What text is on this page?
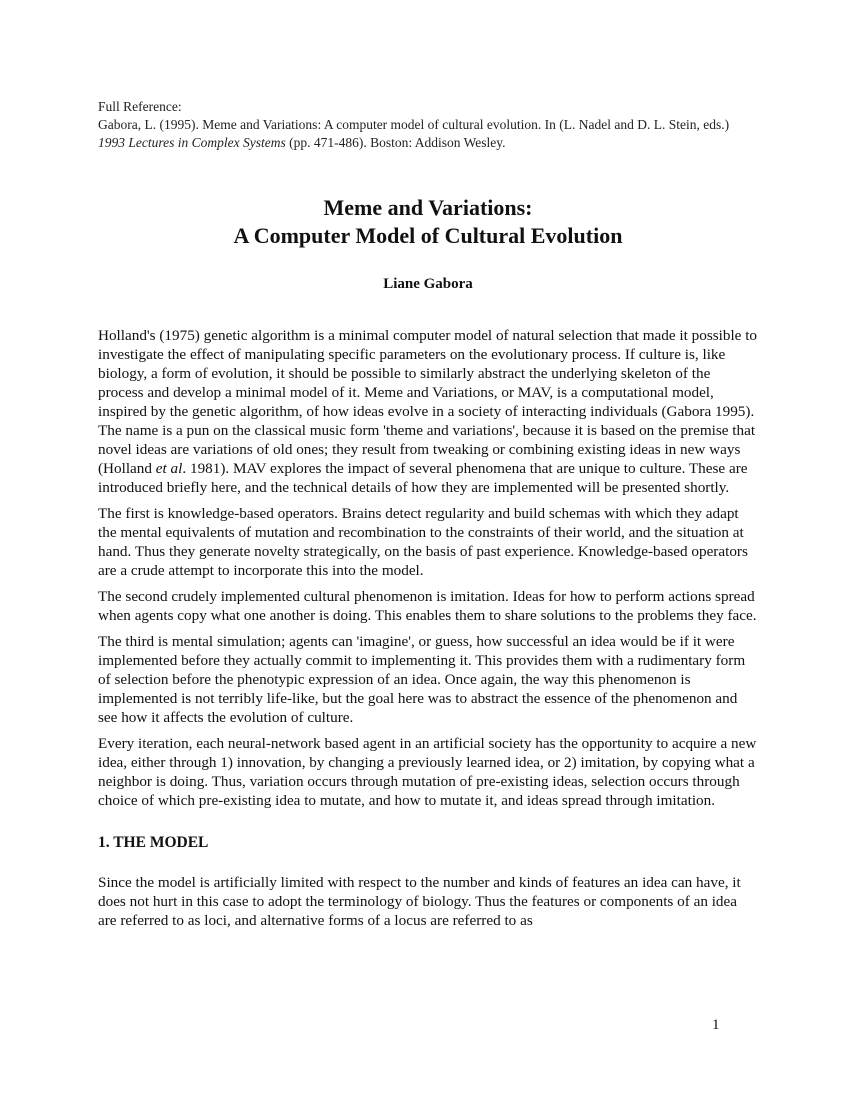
Full Reference:
Gabora, L. (1995). Meme and Variations: A computer model of cultural evolution. In (L. Nadel and D. L. Stein, eds.) 1993 Lectures in Complex Systems (pp. 471-486). Boston: Addison Wesley.
Meme and Variations:
A Computer Model of Cultural Evolution
Liane Gabora

Holland's (1975) genetic algorithm is a minimal computer model of natural selection that made it possible to investigate the effect of manipulating specific parameters on the evolutionary process. If culture is, like biology, a form of evolution, it should be possible to similarly abstract the underlying skeleton of the process and develop a minimal model of it. Meme and Variations, or MAV, is a computational model, inspired by the genetic algorithm, of how ideas evolve in a society of interacting individuals (Gabora 1995). The name is a pun on the classical music form 'theme and variations', because it is based on the premise that novel ideas are variations of old ones; they result from tweaking or combining existing ideas in new ways (Holland et al. 1981). MAV explores the impact of several phenomena that are unique to culture. These are introduced briefly here, and the technical details of how they are implemented will be presented shortly.

The first is knowledge-based operators. Brains detect regularity and build schemas with which they adapt the mental equivalents of mutation and recombination to the constraints of their world, and the situation at hand. Thus they generate novelty strategically, on the basis of past experience. Knowledge-based operators are a crude attempt to incorporate this into the model.

The second crudely implemented cultural phenomenon is imitation. Ideas for how to perform actions spread when agents copy what one another is doing. This enables them to share solutions to the problems they face.

The third is mental simulation; agents can 'imagine', or guess, how successful an idea would be if it were implemented before they actually commit to implementing it. This provides them with a rudimentary form of selection before the phenotypic expression of an idea. Once again, the way this phenomenon is implemented is not terribly life-like, but the goal here was to abstract the essence of the phenomenon and see how it affects the evolution of culture.

Every iteration, each neural-network based agent in an artificial society has the opportunity to acquire a new idea, either through 1) innovation, by changing a previously learned idea, or 2) imitation, by copying what a neighbor is doing. Thus, variation occurs through mutation of pre-existing ideas, selection occurs through choice of which pre-existing idea to mutate, and how to mutate it, and ideas spread through imitation.

1. THE MODEL

Since the model is artificially limited with respect to the number and kinds of features an idea can have, it does not hurt in this case to adopt the terminology of biology. Thus the features or components of an idea are referred to as loci, and alternative forms of a locus are referred to as

1
